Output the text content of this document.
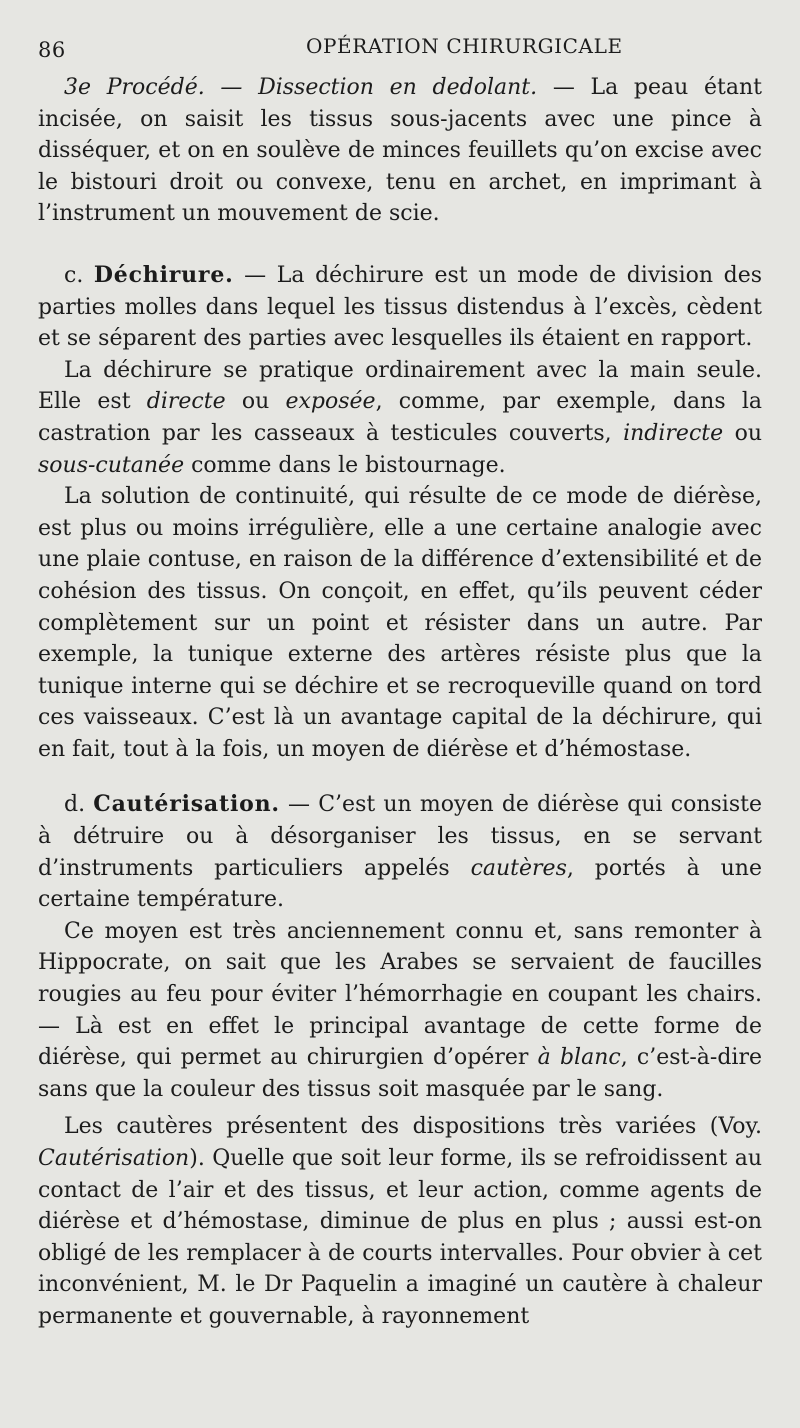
86	OPÉRATION CHIRURGICALE

3e Procédé. — Dissection en dedolant. — La peau étant incisée, on saisit les tissus sous-jacents avec une pince à disséquer, et on en soulève de minces feuillets qu’on excise avec le bistouri droit ou convexe, tenu en archet, en imprimant à l’instrument un mouvement de scie.

c. Déchirure. — La déchirure est un mode de division des parties molles dans lequel les tissus distendus à l’excès, cèdent et se séparent des parties avec lesquelles ils étaient en rapport.

La déchirure se pratique ordinairement avec la main seule. Elle est directe ou exposée, comme, par exemple, dans la castration par les casseaux à testicules couverts, indirecte ou sous-cutanée comme dans le bistournage.

La solution de continuité, qui résulte de ce mode de diérèse, est plus ou moins irrégulière, elle a une certaine analogie avec une plaie contuse, en raison de la différence d’extensibilité et de cohésion des tissus. On conçoit, en effet, qu’ils peuvent céder complètement sur un point et résister dans un autre. Par exemple, la tunique externe des artères résiste plus que la tunique interne qui se déchire et se recroqueville quand on tord ces vaisseaux. C’est là un avantage capital de la déchirure, qui en fait, tout à la fois, un moyen de diérèse et d’hémostase.

d. Cautérisation. — C’est un moyen de diérèse qui consiste à détruire ou à désorganiser les tissus, en se servant d’instruments particuliers appelés cautères, portés à une certaine température.

Ce moyen est très anciennement connu et, sans remonter à Hippocrate, on sait que les Arabes se servaient de faucilles rougies au feu pour éviter l’hémorrhagie en coupant les chairs. — Là est en effet le principal avantage de cette forme de diérèse, qui permet au chirurgien d’opérer à blanc, c’est-à-dire sans que la couleur des tissus soit masquée par le sang.

Les cautères présentent des dispositions très variées (Voy. Cautérisation). Quelle que soit leur forme, ils se refroidissent au contact de l’air et des tissus, et leur action, comme agents de diérèse et d’hémostase, diminue de plus en plus ; aussi est-on obligé de les remplacer à de courts intervalles. Pour obvier à cet inconvénient, M. le Dr Paquelin a imaginé un cautère à chaleur permanente et gouvernable, à rayonnement
